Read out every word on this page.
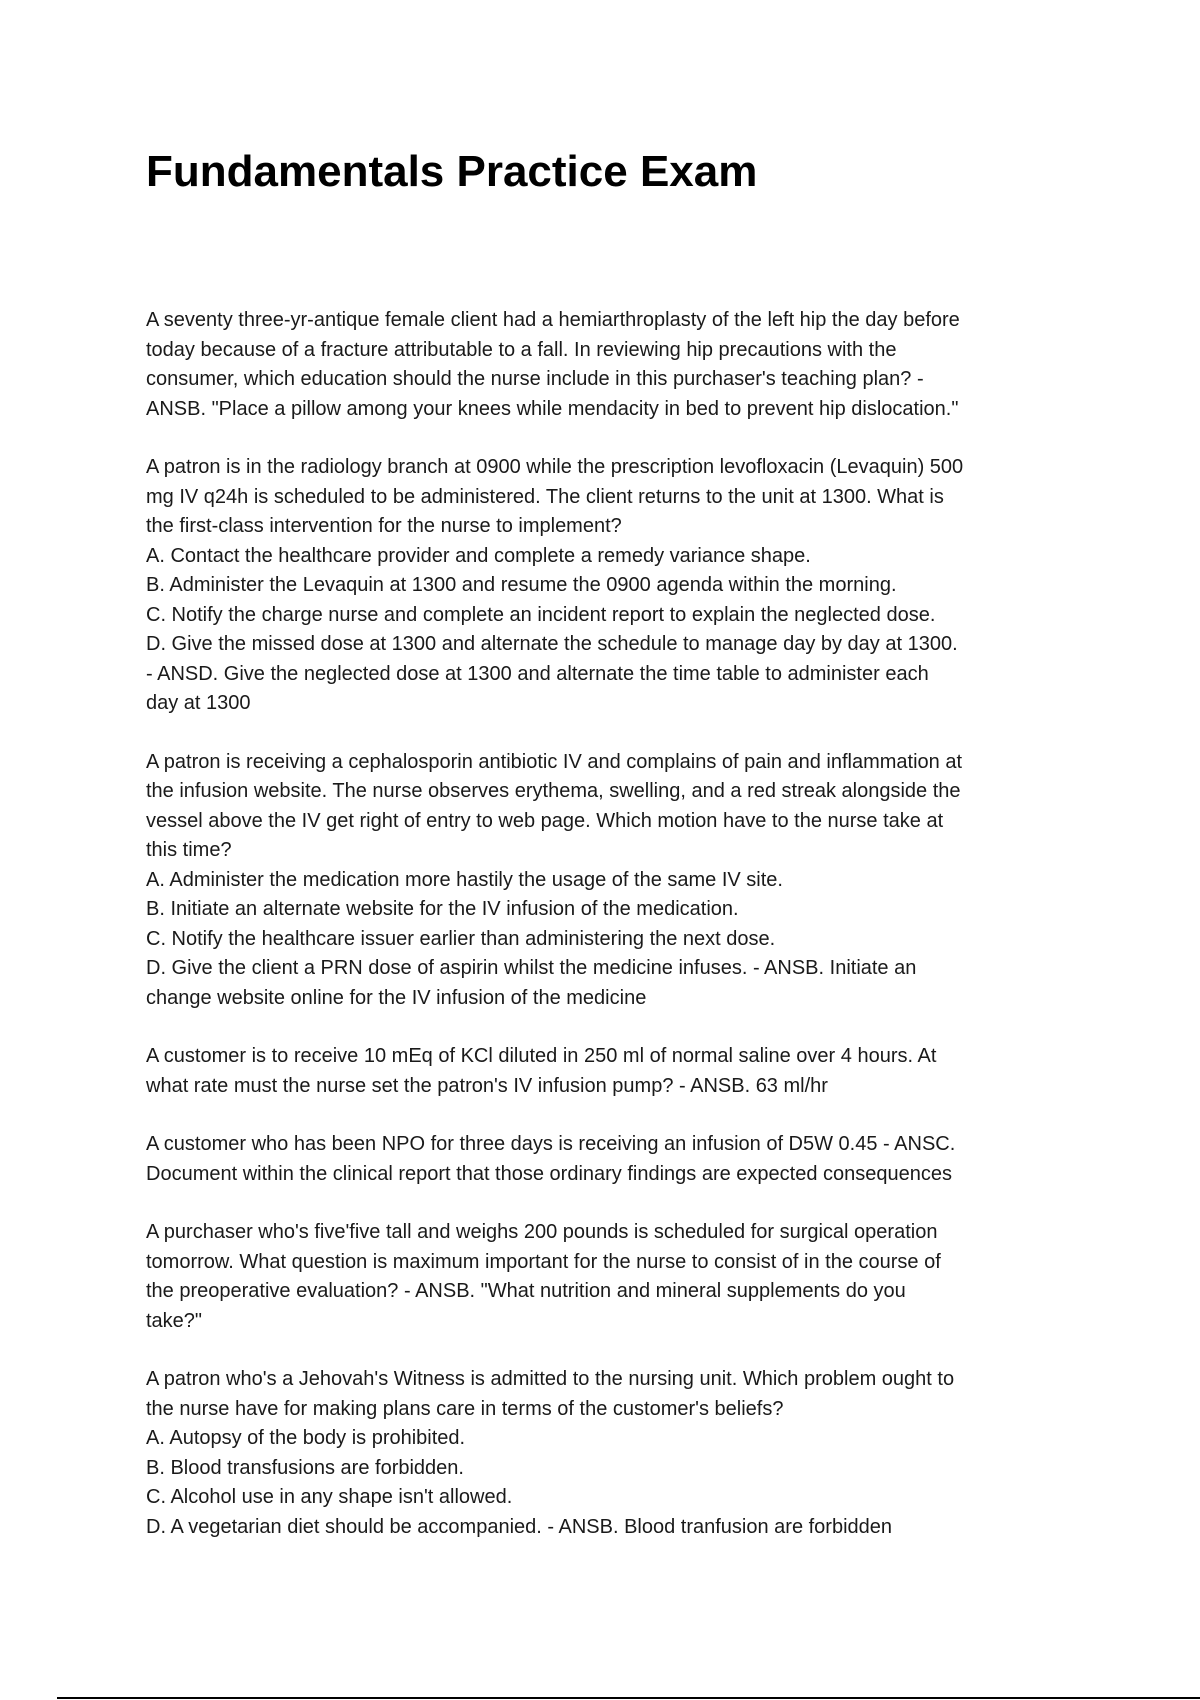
Fundamentals Practice Exam
A seventy three-yr-antique female client had a hemiarthroplasty of the left hip the day before
today because of a fracture attributable to a fall. In reviewing hip precautions with the
consumer, which education should the nurse include in this purchaser's teaching plan? -
ANSB. "Place a pillow among your knees while mendacity in bed to prevent hip dislocation."
A patron is in the radiology branch at 0900 while the prescription levofloxacin (Levaquin) 500
mg IV q24h is scheduled to be administered. The client returns to the unit at 1300. What is
the first-class intervention for the nurse to implement?
A. Contact the healthcare provider and complete a remedy variance shape.
B. Administer the Levaquin at 1300 and resume the 0900 agenda within the morning.
C. Notify the charge nurse and complete an incident report to explain the neglected dose.
D. Give the missed dose at 1300 and alternate the schedule to manage day by day at 1300.
- ANSD. Give the neglected dose at 1300 and alternate the time table to administer each
day at 1300
A patron is receiving a cephalosporin antibiotic IV and complains of pain and inflammation at
the infusion website. The nurse observes erythema, swelling, and a red streak alongside the
vessel above the IV get right of entry to web page. Which motion have to the nurse take at
this time?
A. Administer the medication more hastily the usage of the same IV site.
B. Initiate an alternate website for the IV infusion of the medication.
C. Notify the healthcare issuer earlier than administering the next dose.
D. Give the client a PRN dose of aspirin whilst the medicine infuses. - ANSB. Initiate an
change website online for the IV infusion of the medicine
A customer is to receive 10 mEq of KCl diluted in 250 ml of normal saline over 4 hours. At
what rate must the nurse set the patron's IV infusion pump? - ANSB. 63 ml/hr
A customer who has been NPO for three days is receiving an infusion of D5W 0.45 - ANSC.
Document within the clinical report that those ordinary findings are expected consequences
A purchaser who's five'five tall and weighs 200 pounds is scheduled for surgical operation
tomorrow. What question is maximum important for the nurse to consist of in the course of
the preoperative evaluation? - ANSB. "What nutrition and mineral supplements do you
take?"
A patron who's a Jehovah's Witness is admitted to the nursing unit. Which problem ought to
the nurse have for making plans care in terms of the customer's beliefs?
A. Autopsy of the body is prohibited.
B. Blood transfusions are forbidden.
C. Alcohol use in any shape isn't allowed.
D. A vegetarian diet should be accompanied. - ANSB. Blood tranfusion are forbidden
